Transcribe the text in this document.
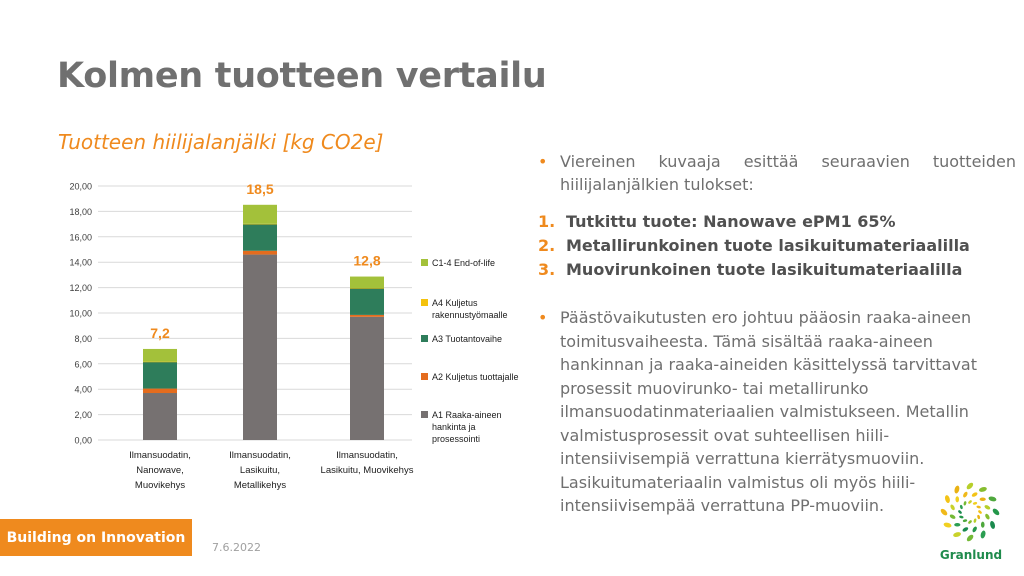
Kolmen tuotteen vertailu
Tuotteen hiilijalanjälki [kg CO2e]
0,00
2,00
4,00
6,00
8,00
10,00
12,00
14,00
16,00
18,00
20,00
7,2
Ilmansuodatin,
Nanowave,
Muovikehys
18,5
Ilmansuodatin,
Lasikuitu,
Metallikehys
12,8
Ilmansuodatin,
Lasikuitu, Muovikehys
C1-4 End-of-life
A4 Kuljetus
rakennustyömaalle
A3 Tuotantovaihe
A2 Kuljetus tuottajalle
A1 Raaka-aineen
hankinta ja
prosessointi
• Viereinen kuvaaja esittää seuraavien tuotteiden
hiilijalanjälkien tulokset:
1. Tutkittu tuote: Nanowave ePM1 65%
2. Metallirunkoinen tuote lasikuitumateriaalilla
3. Muovirunkoinen tuote lasikuitumateriaalilla
• Päästövaikutusten ero johtuu pääosin raaka-aineen toimitusvaiheesta. Tämä sisältää raaka-aineen hankinnan ja raaka-aineiden käsittelyssä tarvittavat prosessit muovirunko- tai metallirunko ilmansuodatinmateriaalien valmistukseen. Metallin valmistusprosessit ovat suhteellisen hiili-intensiivisempiä verrattuna kierrätysmuoviin. Lasikuitumateriaalin valmistus oli myös hiili-intensiivisempää verrattuna PP-muoviin.
Building on Innovation
7.6.2022
Granlund
